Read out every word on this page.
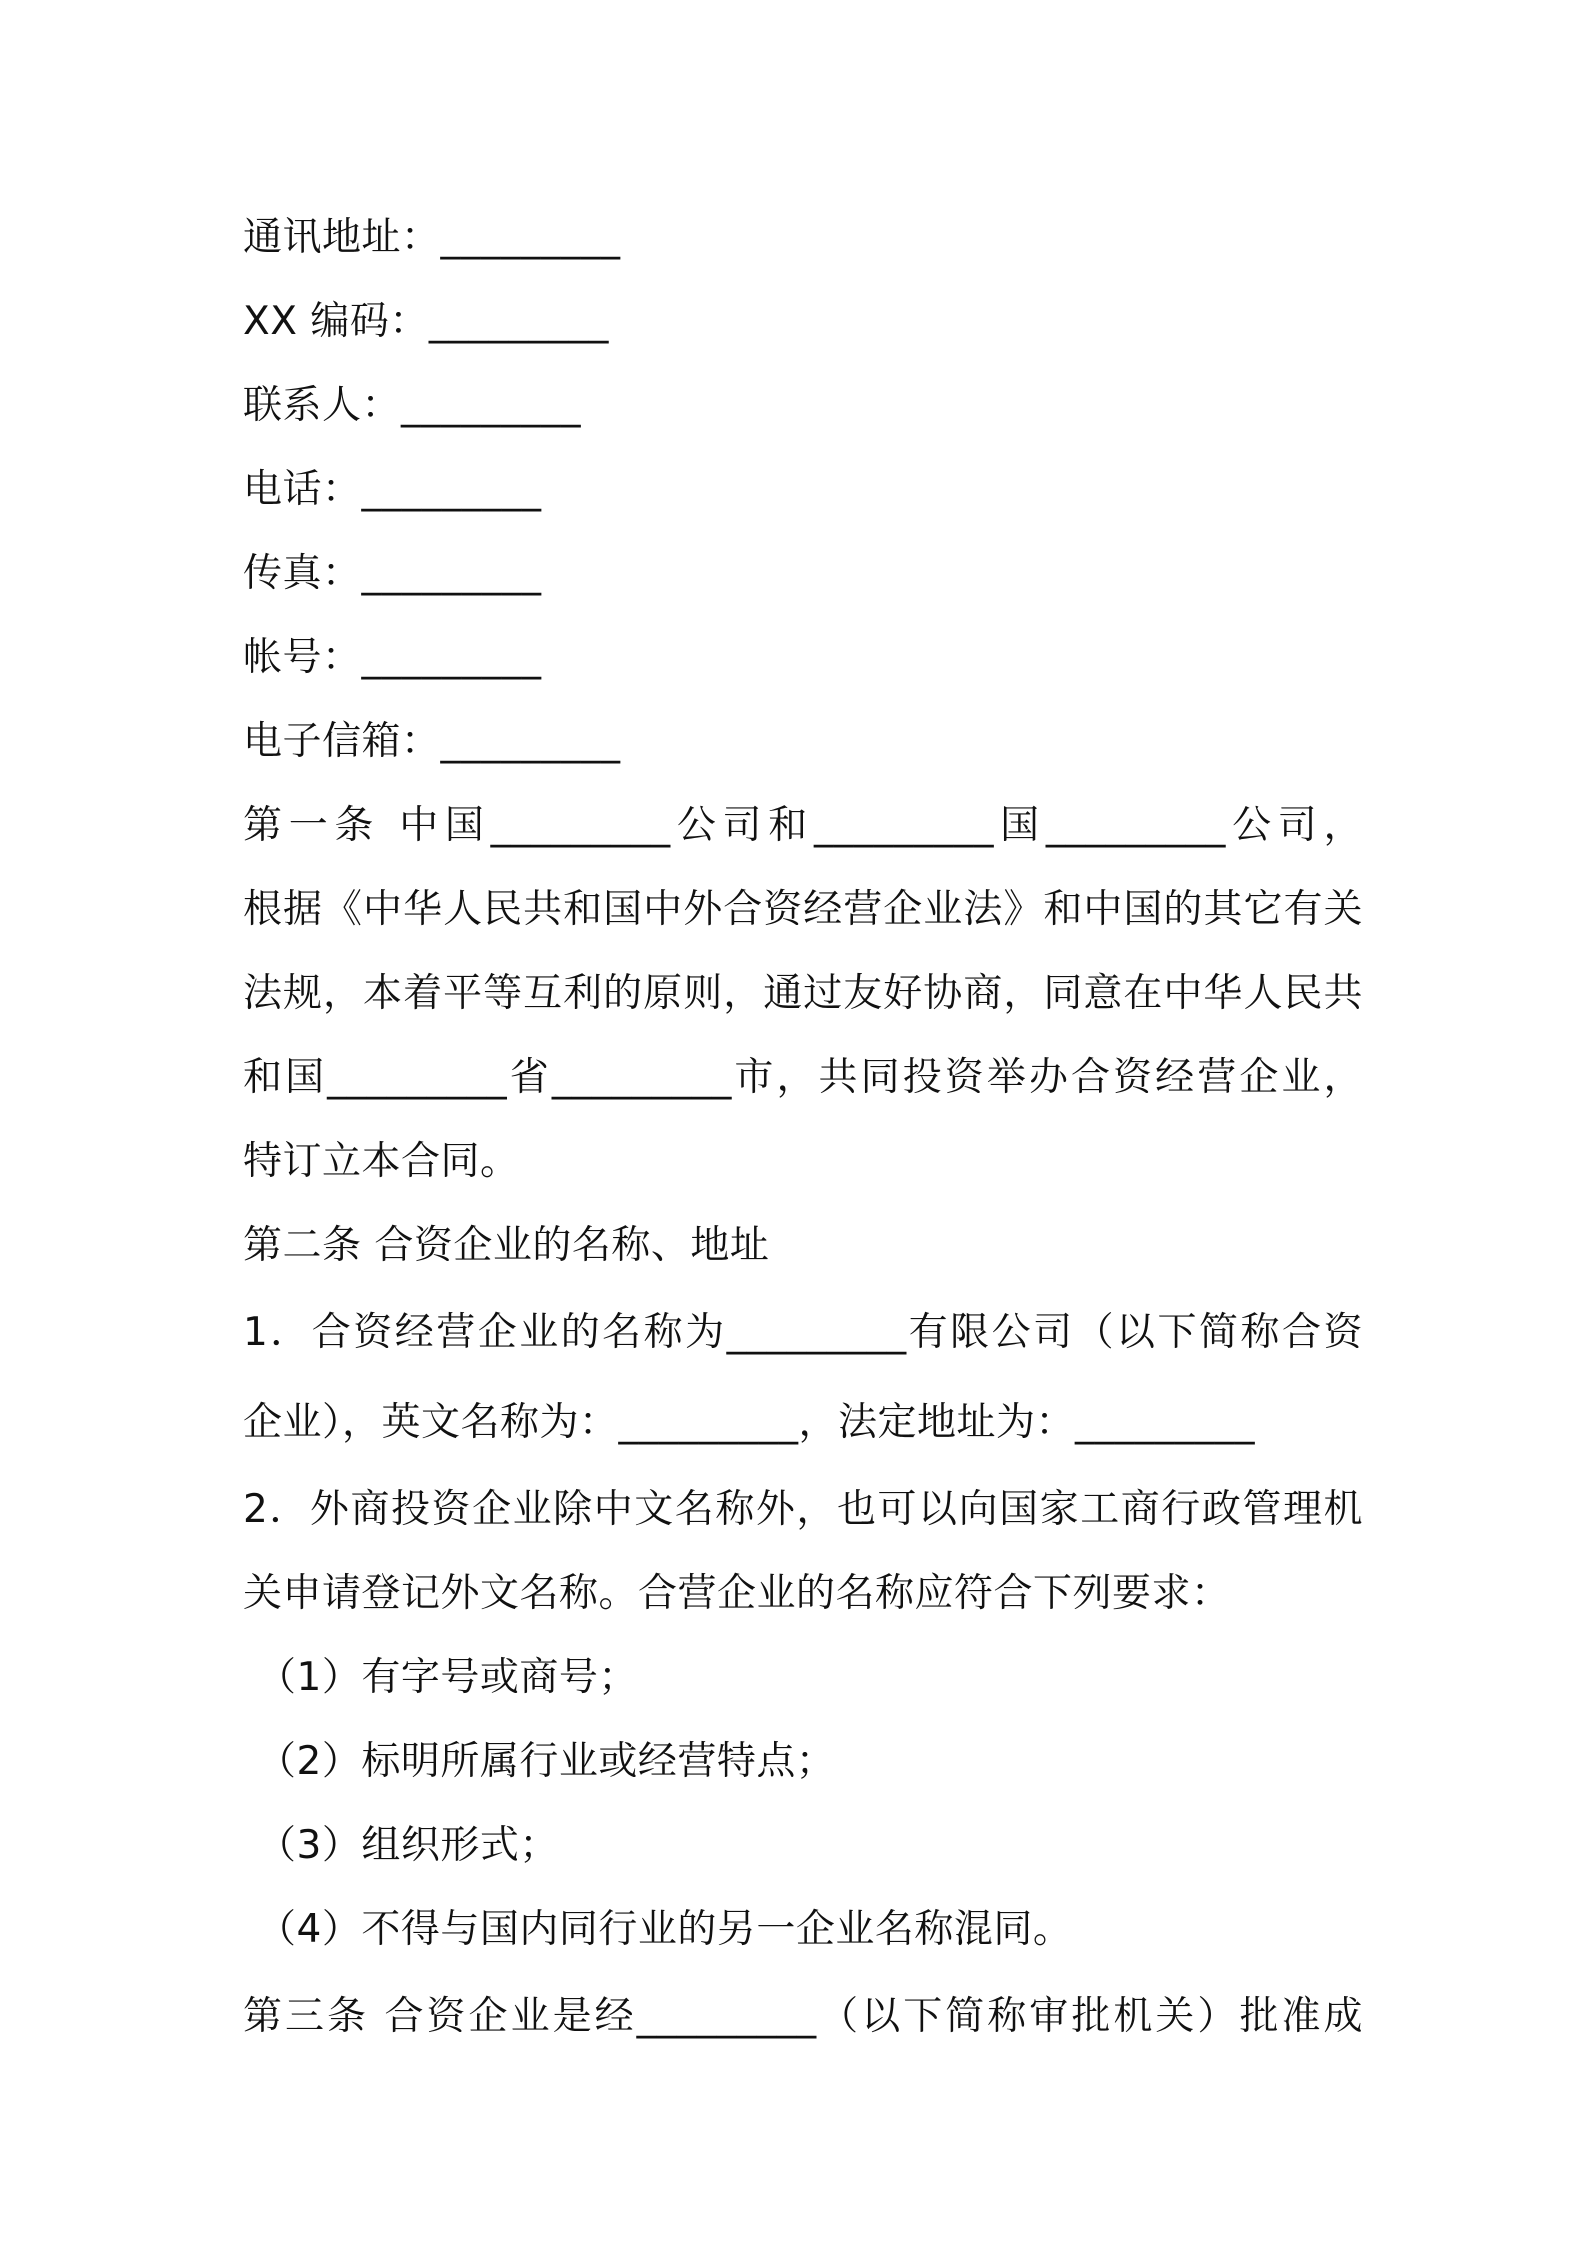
通讯地址：_________
XX 编码：_________
联系人：_________
电话：_________
传真：_________
帐号：_________
电子信箱：_________
第一条 中国_________公司和_________国_________公司，
根据《中华人民共和国中外合资经营企业法》和中国的其它有关
法规，本着平等互利的原则，通过友好协商，同意在中华人民共
和国_________省_________市，共同投资举办合资经营企业，
特订立本合同。
第二条 合资企业的名称、地址
1．合资经营企业的名称为_________有限公司（以下简称合资
企业），英文名称为：_________，法定地址为：_________
2．外商投资企业除中文名称外，也可以向国家工商行政管理机
关申请登记外文名称。合营企业的名称应符合下列要求：
（1）有字号或商号；
（2）标明所属行业或经营特点；
（3）组织形式；
（4）不得与国内同行业的另一企业名称混同。
第三条 合资企业是经_________（以下简称审批机关）批准成
